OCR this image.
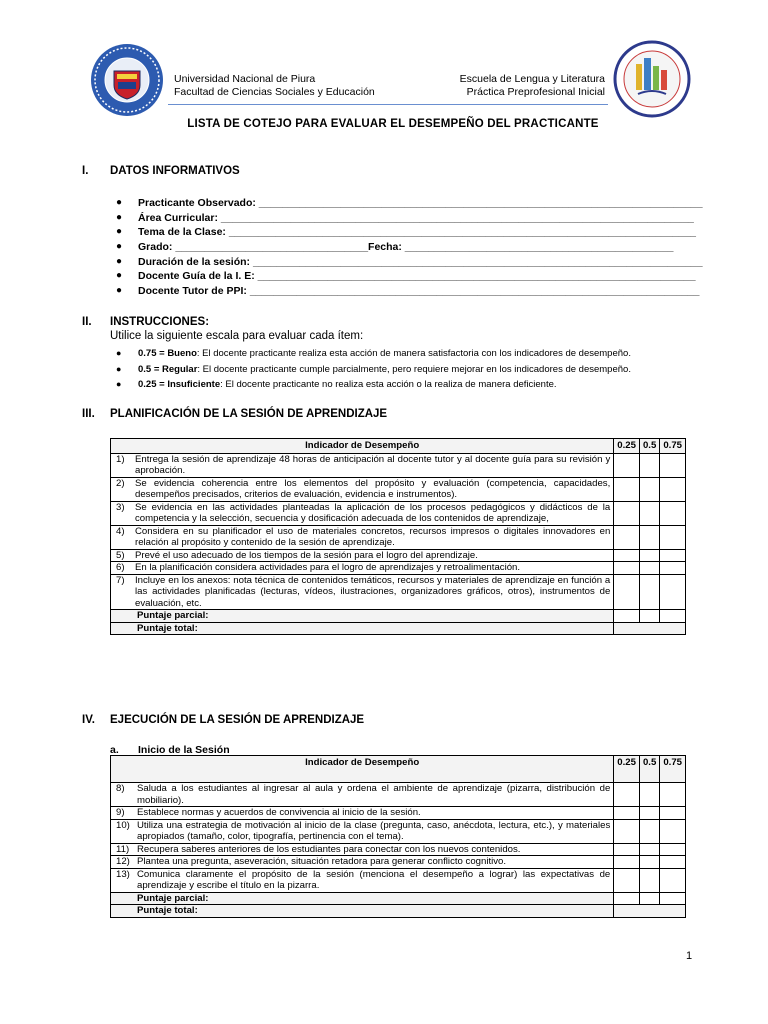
Universidad Nacional de Piura
Facultad de Ciencias Sociales y Educación
Escuela de Lengua y Literatura
Práctica Preprofesional Inicial
LISTA DE COTEJO PARA EVALUAR EL DESEMPEÑO DEL PRACTICANTE
I. DATOS INFORMATIVOS
● Practicante Observado: ____________________________________________________________________________
● Área Curricular: _________________________________________________________________________________
● Tema de la Clase: ________________________________________________________________________________
● Grado: _________________________________Fecha: ______________________________________________
● Duración de la sesión: _____________________________________________________________________________
● Docente Guía de la I. E: ___________________________________________________________________________
● Docente Tutor de PPI: _____________________________________________________________________________
II. INSTRUCCIONES:
Utilice la siguiente escala para evaluar cada ítem:
● 0.75 = Bueno: El docente practicante realiza esta acción de manera satisfactoria con los indicadores de desempeño.
● 0.5 = Regular: El docente practicante cumple parcialmente, pero requiere mejorar en los indicadores de desempeño.
● 0.25 = Insuficiente: El docente practicante no realiza esta acción o la realiza de manera deficiente.
III. PLANIFICACIÓN DE LA SESIÓN DE APRENDIZAJE
Indicador de Desempeño	0.25	0.5	0.75

1) Entrega la sesión de aprendizaje 48 horas de anticipación al docente tutor y al docente guía para su revisión y aprobación.			

2) Se evidencia coherencia entre los elementos del propósito y evaluación (competencia, capacidades, desempeños precisados, criterios de evaluación, evidencia e instrumentos).			

3) Se evidencia en las actividades planteadas la aplicación de los procesos pedagógicos y didácticos de la competencia y la selección, secuencia y dosificación adecuada de los contenidos de aprendizaje,			

4) Considera en su planificador el uso de materiales concretos, recursos impresos o digitales innovadores en relación al propósito y contenido de la sesión de aprendizaje.			

5) Prevé el uso adecuado de los tiempos de la sesión para el logro del aprendizaje.			

6) En la planificación considera actividades para el logro de aprendizajes y retroalimentación.			

7) Incluye en los anexos: nota técnica de contenidos temáticos, recursos y materiales de aprendizaje en función a las actividades planificadas (lecturas, vídeos, ilustraciones, organizadores gráficos, otros), instrumentos de evaluación, etc.			
Puntaje parcial:			
Puntaje total:			
IV. EJECUCIÓN DE LA SESIÓN DE APRENDIZAJE
a. Inicio de la Sesión
Indicador de Desempeño	0.25	0.5	0.75

8) Saluda a los estudiantes al ingresar al aula y ordena el ambiente de aprendizaje (pizarra, distribución de mobiliario).			

9) Establece normas y acuerdos de convivencia al inicio de la sesión.			

10) Utiliza una estrategia de motivación al inicio de la clase (pregunta, caso, anécdota, lectura, etc.), y materiales apropiados (tamaño, color, tipografía, pertinencia con el tema).			

11) Recupera saberes anteriores de los estudiantes para conectar con los nuevos contenidos.			

12) Plantea una pregunta, aseveración, situación retadora para generar conflicto cognitivo.			

13) Comunica claramente el propósito de la sesión (menciona el desempeño a lograr) las expectativas de aprendizaje y escribe el título en la pizarra.			
Puntaje parcial:			
Puntaje total:			
1
